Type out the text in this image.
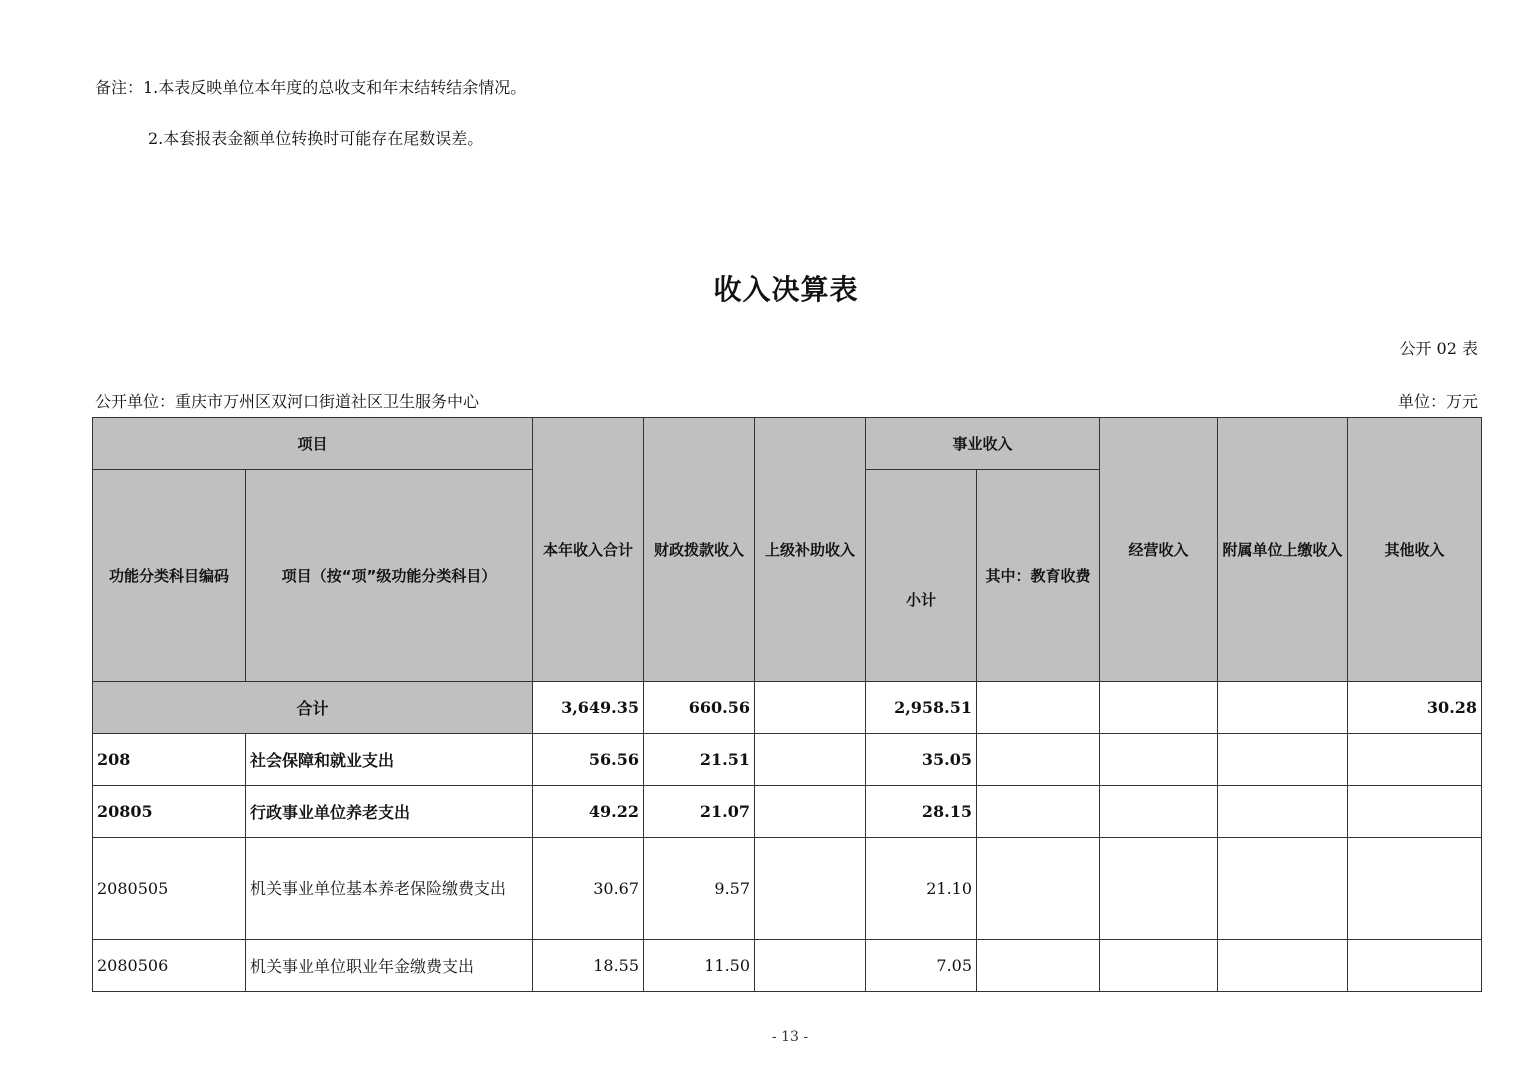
备注：1.本表反映单位本年度的总收支和年末结转结余情况。
2.本套报表金额单位转换时可能存在尾数误差。
收入决算表
公开 02 表
公开单位：重庆市万州区双河口街道社区卫生服务中心	单位：万元
项目		本年收入合计	财政拨款收入	上级补助收入	事业收入		经营收入	附属单位上缴收入	其他收入
功能分类科目编码	项目（按“项”级功能分类科目）				小计	其中：教育收费			
合计		3,649.35	660.56		2,958.51				30.28
208	社会保障和就业支出	56.56	21.51		35.05				
20805	行政事业单位养老支出	49.22	21.07		28.15				
2080505	机关事业单位基本养老保险缴费支出	30.67	9.57		21.10				
2080506	机关事业单位职业年金缴费支出	18.55	11.50		7.05				
- 13 -
